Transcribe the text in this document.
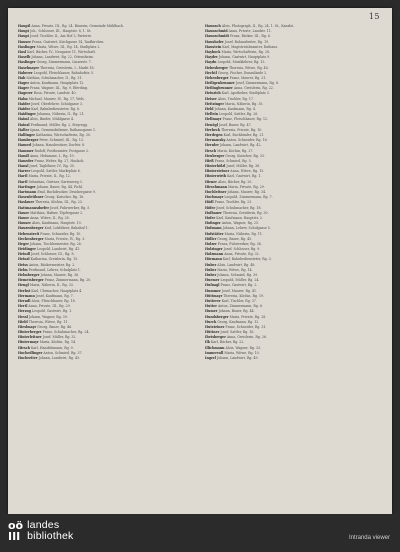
15

Hauptl Anna, Private, III., Rg. 24, Bäuerin, Gemeinde Mühlbach.

Haupt Joh., Schlosser, III., Hauptstr. 8, 1. St.

Haupt Josef, Tischler, II., Am Hof 3, Parterre.

Hauser Franz, Gastwirt, Kirchgasse 14, Taufkirchen.

Haslinger Maria, Witwe, III., Rg. 14, Stadtplatz 2.

Hasl Karl, Bäcker, IV., Neugasse 11, Wirtschaft.

Haselb Johann, Landwirt, Rg. 22, Ottensheim.

Haslinger Georg, Zimmermann, Linzerstr. 7.

Haselmayer Theresia, Greislerin, I., Markt 18.

Haberer Leopold, Fleischhauer, Bahnhofstr. 5.

Hab Mathias, Schuhmacher, II., Rg. 31.

Hager Anton, Kaufmann, Hauptplatz 12.

Hager Franz, Wagner, III., Rg. 9, Eferding.

Hagerer Rosa, Private, Landstr. 40.

Hahn Michael, Maurer, IV., Rg. 17, Wels.

Haider Josef, Oberlehrer, Schulgasse 3.

Haider Karl, Bahnbediensteter, Rg. 6.

Haidinger Johanna, Näherin, II., Rg. 21.

Haiml Alois, Binder, Mühlgasse 4.

Hainzl Ferdinand, Müller, Rg. 2, Steyregg.

Haller Ignaz, Gemeindediener, Rathausgasse 1.

Hallinger Katharina, Wirtschafterin, Rg. 30.

Hamberger Peter, Schmied, III., Rg. 13.

Hamerl Johann, Hausbesitzer, Dorfstr. 8.

Hammer Rudolf, Postbeamter, Postgasse 2.

Handl Anna, Hebamme, I., Rg. 19.

Haneder Franz, Weber, Rg. 27, Haslach.

Hansl Josef, Taglöhner, IV., Rg. 35.

Harrer Leopold, Sattler, Marktplatz 6.

Hartl Maria, Private, II., Rg. 12.

Hartl Sebastian, Gärtner, Gartenweg 3.

Hartinger Johann, Bauer, Rg. 44, Pichl.

Hartmann Emil, Buchdrucker, Druckergasse 9.

Hasenleithner Georg, Kutscher, Rg. 16.

Haslauer Theresia, Köchin, III., Rg. 23.

Hattmannsdorfer Josef, Fuhrwerker, Rg. 5.

Hauer Matthias, Hafner, Töpfergasse 2.

Hauer Anna, Witwe, II., Rg. 28.

Hauser Alois, Kaufmann, Hauptstr. 19.

Hauzenberger Karl, Lokführer, Bahnhof 1.

Hebenstreit Franz, Schneider, Rg. 10.

Hechenberger Maria, Private, IV., Rg. 3.

Heger Johann, Tischlermeister, Rg. 26.

Heidinger Leopold, Landwirt, Rg. 41.

Heindl Josef, Schlosser, III., Rg. 8.

Heinzl Katharina, Greislerin, Rg. 15.

Heiss Anton, Bäckermeister, Rg. 2.

Helm Ferdinand, Lehrer, Schulplatz 1.

Helmberger Johann, Maurer, Rg. 36.

Hemetsberger Franz, Zimmermann, Rg. 20.

Hengl Maria, Näherin, II., Rg. 33.

Herbst Karl, Uhrmacher, Hauptplatz 4.

Hermann Josef, Kaufmann, Rg. 7.

Herndl Alois, Fleischhauer, Rg. 18.

Hertl Anna, Private, III., Rg. 29.

Herzog Leopold, Gastwirt, Rg. 1.

Hessl Johann, Wagner, Rg. 39.

Hiebl Theresia, Witwe, Rg. 11.

Hieslmayr Georg, Bauer, Rg. 46.

Hinterberger Franz, Schuhmacher, Rg. 24.

Hinterleitner Josef, Müller, Rg. 32.

Hintermayr Maria, Köchin, Rg. 14.

Hirsch Karl, Handelsmann, Rg. 9.

Hochedlinger Anton, Schmied, Rg. 37.

Hochreiter Johann, Landwirt, Rg. 43.

Haunsch Alois, Photograph, II., Rg. 24, 1. St., Kanzlei.

Haunschmid Anna, Private, Landstr. 11.

Haunschmidt Franz, Bäcker, III., Rg. 6.

Haushofer Josef, Bahnarbeiter, Rg. 19.

Haustein Karl, Magistratsbeamter, Rathaus.

Haybock Maria, Wirtschafterin, Rg. 28.

Hayder Johann, Gastwirt, Hauptplatz 9.

Haydn Leopold, Musiklehrer, Rg. 13.

Hebesberger Theresia, Witwe, Rg. 40.

Hechtl Georg, Fischer, Donaulände 2.

Hehenberger Franz, Maurer, Rg. 31.

Heiligenbrunner Josef, Zimmermann, Rg. 8.

Heilingbrunner Anna, Greislerin, Rg. 22.

Heinrich Karl, Apotheker, Stadtplatz 3.

Heiser Alois, Tischler, Rg. 17.

Heitzinger Maria, Näherin, Rg. 35.

Held Johann, Kaufmann, Rg. 4.

Hellein Leopold, Sattler, Rg. 26.

Hellmayr Franz, Fleischhauer, Rg. 12.

Henögl Josef, Bauer, Rg. 47.

Herbeck Theresia, Private, Rg. 10.

Herdegen Karl, Buchbinder, Rg. 21.

Hermansky Anton, Schneider, Rg. 16.

Hernler Johann, Landwirt, Rg. 42.

Hesch Maria, Köchin, Rg. 27.

Heuberger Georg, Kutscher, Rg. 33.

Hieß Franz, Schmied, Rg. 5.

Hinterhölzl Josef, Müller, Rg. 38.

Hintersteiner Anna, Witwe, Rg. 15.

Hinterwirth Karl, Gastwirt, Rg. 1.

Hirner Alois, Bäcker, Rg. 20.

Hirschmann Maria, Private, Rg. 29.

Hochleitner Johann, Maurer, Rg. 34.

Hochmayr Leopold, Zimmermann, Rg. 7.

Hödl Franz, Tischler, Rg. 23.

Höfer Josef, Schuhmacher, Rg. 18.

Hofbauer Theresia, Greislerin, Rg. 30.

Hofer Karl, Kaufmann, Hauptstr. 2.

Hofinger Anton, Wagner, Rg. 25.

Hofmann Johann, Lehrer, Schulgasse 5.

Hofstätter Maria, Näherin, Rg. 11.

Höller Georg, Bauer, Rg. 45.

Holzer Franz, Fuhrwerker, Rg. 36.

Holzinger Josef, Schlosser, Rg. 9.

Holzmann Anna, Private, Rg. 32.

Hörmann Karl, Bahnbediensteter, Rg. 3.

Huber Alois, Landwirt, Rg. 48.

Huber Maria, Witwe, Rg. 14.

Huber Johann, Schmied, Rg. 39.

Huemer Leopold, Müller, Rg. 24.

Hufnagl Franz, Gastwirt, Rg. 2.

Hummer Josef, Maurer, Rg. 41.

Hüttmayr Theresia, Köchin, Rg. 19.

Hutterer Karl, Tischler, Rg. 37.

Hutter Anton, Zimmermann, Rg. 6.

Humer Johann, Bauer, Rg. 44.

Hundsberger Maria, Private, Rg. 28.

Hurch Georg, Kaufmann, Rg. 12.

Hutsteiner Franz, Schneider, Rg. 31.

Hüttner Josef, Sattler, Rg. 16.

Ibetsberger Anna, Greislerin, Rg. 26.

Ilk Karl, Bäcker, Rg. 22.

Illichmann Alois, Wagner, Rg. 33.

Immervoll Maria, Witwe, Rg. 10.

Ingerl Johann, Landwirt, Rg. 49.

oö
III
landes
bibliothek	Intranda viewer
